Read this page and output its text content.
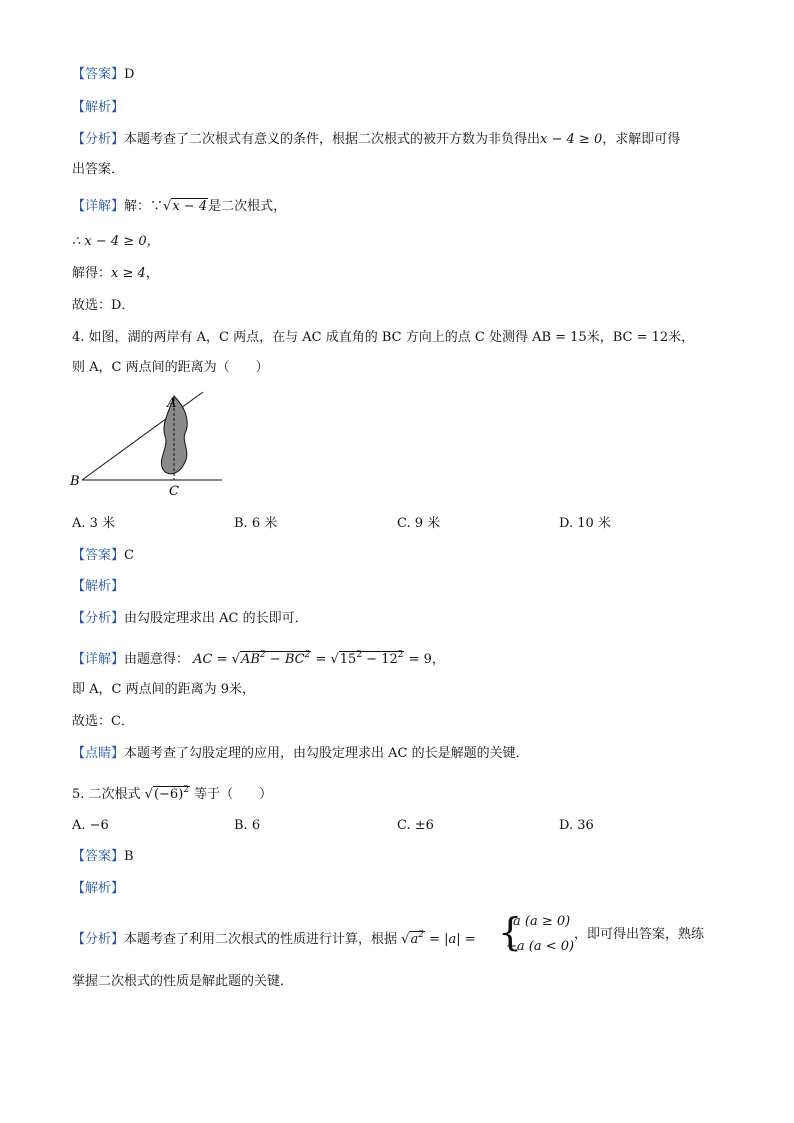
【答案】D
【解析】
【分析】本题考查了二次根式有意义的条件，根据二次根式的被开方数为非负得出x − 4 ≥ 0，求解即可得
出答案．
【详解】解：∵√x − 4是二次根式，
∴ x − 4 ≥ 0，
解得：x ≥ 4，
故选：D．
4. 如图，湖的两岸有 A，C 两点，在与 AC 成直角的 BC 方向上的点 C 处测得 AB = 15米，BC = 12米，
则 A，C 两点间的距离为（　　）
A
B
C
A. 3 米	B. 6 米	C. 9 米	D. 10 米
【答案】C
【解析】
【分析】由勾股定理求出 AC 的长即可．
【详解】由题意得： AC = $√AB^2 - BC^2 = √15^2 - 12^2 = 9$，
即 A，C 两点间的距离为 9米，
故选：C．
【点睛】本题考查了勾股定理的应用，由勾股定理求出 AC 的长是解题的关键．
5. 二次根式 $√(-6)^2$ 等于（　　）
A. −6	B. 6	C. ±6	D. 36
【答案】B
【解析】
【分析】本题考查了利用二次根式的性质进行计算，根据 $√a^2 = |a|$ = {
a (a ≥ 0)
−a (a < 0)
，即可得出答案，熟练
掌握二次根式的性质是解此题的关键．
